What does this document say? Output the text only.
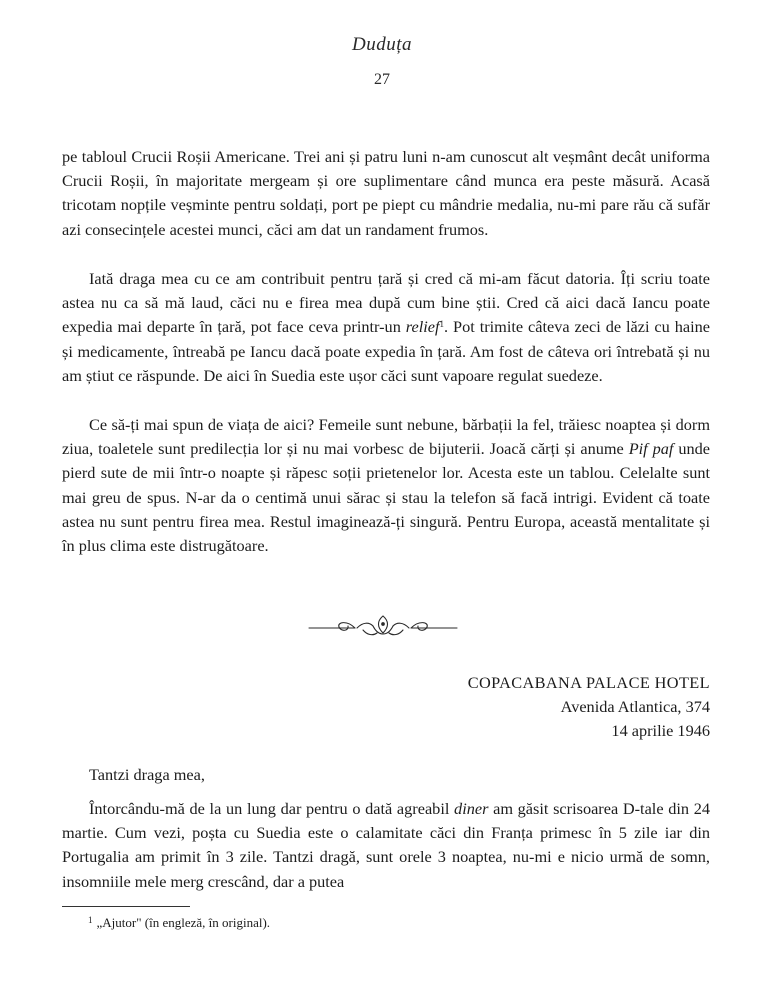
Duduța
27

pe tabloul Crucii Roșii Americane. Trei ani și patru luni n-am cunoscut alt veșmânt decât uniforma Crucii Roșii, în majoritate mergeam și ore suplimentare când munca era peste măsură. Acasă tricotam nopțile veșminte pentru soldați, port pe piept cu mândrie medalia, nu-mi pare rău că sufăr azi consecințele acestei munci, căci am dat un randament frumos.

Iată draga mea cu ce am contribuit pentru țară și cred că mi-am făcut datoria. Îți scriu toate astea nu ca să mă laud, căci nu e firea mea după cum bine știi. Cred că aici dacă Iancu poate expedia mai departe în țară, pot face ceva printr-un relief$^1$. Pot trimite câteva zeci de lăzi cu haine și medicamente, întreabă pe Iancu dacă poate expedia în țară. Am fost de câteva ori întrebată și nu am știut ce răspunde. De aici în Suedia este ușor căci sunt vapoare regulat suedeze.

Ce să-ți mai spun de viața de aici? Femeile sunt nebune, bărbații la fel, trăiesc noaptea și dorm ziua, toaletele sunt predilecția lor și nu mai vorbesc de bijuterii. Joacă cărți și anume Pif paf unde pierd sute de mii într-o noapte și răpesc soții prietenelor lor. Acesta este un tablou. Celelalte sunt mai greu de spus. N-ar da o centimă unui sărac și stau la telefon să facă intrigi. Evident că toate astea nu sunt pentru firea mea. Restul imaginează-ți singură. Pentru Europa, această mentalitate și în plus clima este distrugătoare.

COPACABANA PALACE HOTEL
Avenida Atlantica, 374
14 aprilie 1946
Tantzi draga mea,

Întorcându-mă de la un lung dar pentru o dată agreabil diner am găsit scrisoarea D-tale din 24 martie. Cum vezi, poșta cu Suedia este o calamitate căci din Franța primesc în 5 zile iar din Portugalia am primit în 3 zile. Tantzi dragă, sunt orele 3 noaptea, nu-mi e nicio urmă de somn, insomniile mele merg crescând, dar a putea

$^1$ „Ajutor" (în engleză, în original).
